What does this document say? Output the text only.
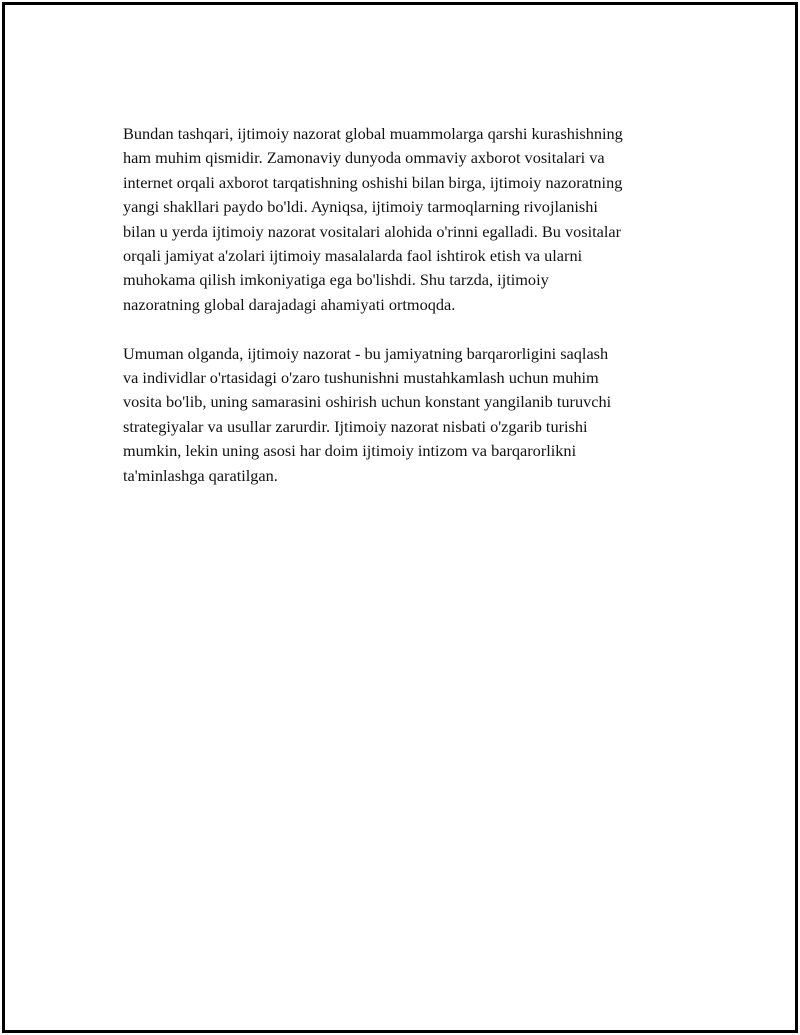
Bundan tashqari, ijtimoiy nazorat global muammolarga qarshi kurashishning
ham muhim qismidir. Zamonaviy dunyoda ommaviy axborot vositalari va
internet orqali axborot tarqatishning oshishi bilan birga, ijtimoiy nazoratning
yangi shakllari paydo bo'ldi. Ayniqsa, ijtimoiy tarmoqlarning rivojlanishi
bilan u yerda ijtimoiy nazorat vositalari alohida o'rinni egalladi. Bu vositalar
orqali jamiyat a'zolari ijtimoiy masalalarda faol ishtirok etish va ularni
muhokama qilish imkoniyatiga ega bo'lishdi. Shu tarzda, ijtimoiy
nazoratning global darajadagi ahamiyati ortmoqda.

Umuman olganda, ijtimoiy nazorat - bu jamiyatning barqarorligini saqlash
va individlar o'rtasidagi o'zaro tushunishni mustahkamlash uchun muhim
vosita bo'lib, uning samarasini oshirish uchun konstant yangilanib turuvchi
strategiyalar va usullar zarurdir. Ijtimoiy nazorat nisbati o'zgarib turishi
mumkin, lekin uning asosi har doim ijtimoiy intizom va barqarorlikni
ta'minlashga qaratilgan.
